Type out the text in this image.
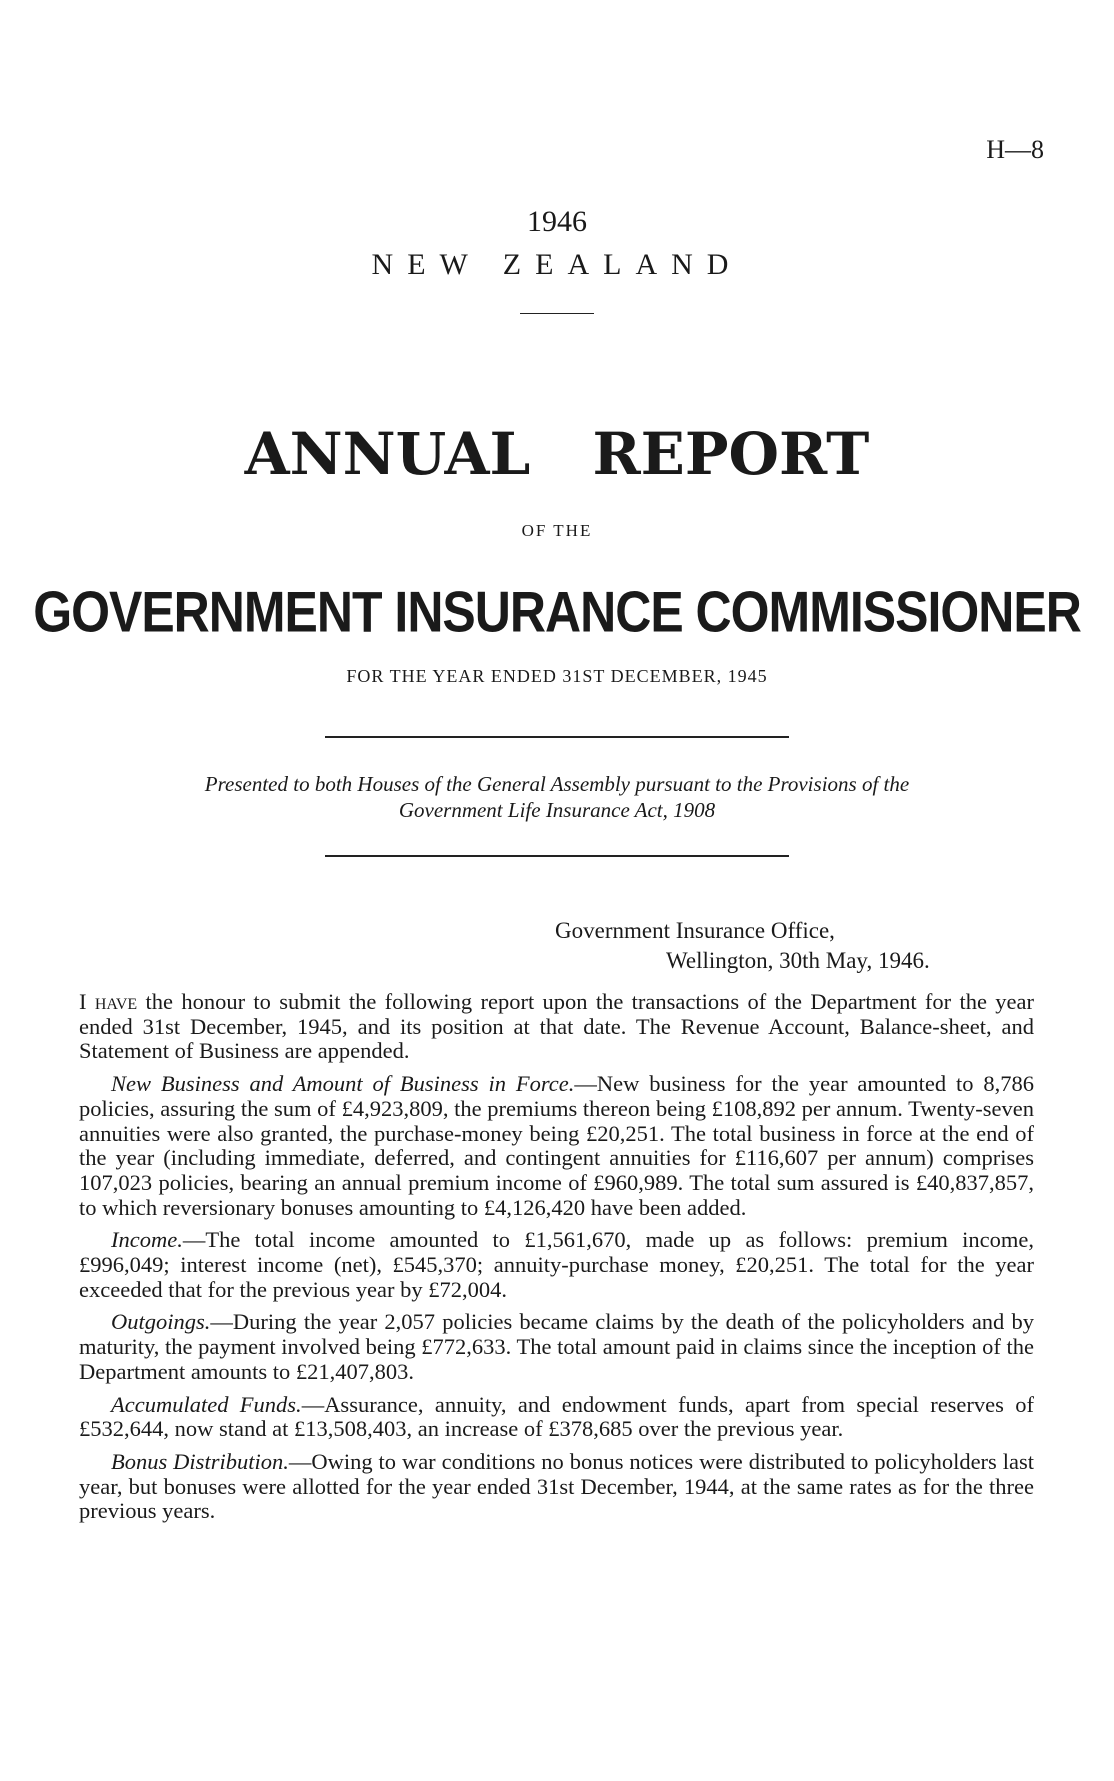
H—8
1946
NEW ZEALAND
ANNUAL REPORT
OF THE
GOVERNMENT INSURANCE COMMISSIONER
FOR THE YEAR ENDED 31ST DECEMBER, 1945
Presented to both Houses of the General Assembly pursuant to the Provisions of the
Government Life Insurance Act, 1908
Government Insurance Office,
Wellington, 30th May, 1946.

I have the honour to submit the following report upon the transactions of the Department for the year ended 31st December, 1945, and its position at that date. The Revenue Account, Balance-sheet, and Statement of Business are appended.

New Business and Amount of Business in Force.—New business for the year amounted to 8,786 policies, assuring the sum of £4,923,809, the premiums thereon being £108,892 per annum. Twenty-seven annuities were also granted, the purchase-money being £20,251. The total business in force at the end of the year (including immediate, deferred, and contingent annuities for £116,607 per annum) comprises 107,023 policies, bearing an annual premium income of £960,989. The total sum assured is £40,837,857, to which reversionary bonuses amounting to £4,126,420 have been added.

Income.—The total income amounted to £1,561,670, made up as follows: premium income, £996,049; interest income (net), £545,370; annuity-purchase money, £20,251. The total for the year exceeded that for the previous year by £72,004.

Outgoings.—During the year 2,057 policies became claims by the death of the policyholders and by maturity, the payment involved being £772,633. The total amount paid in claims since the inception of the Department amounts to £21,407,803.

Accumulated Funds.—Assurance, annuity, and endowment funds, apart from special reserves of £532,644, now stand at £13,508,403, an increase of £378,685 over the previous year.

Bonus Distribution.—Owing to war conditions no bonus notices were distributed to policyholders last year, but bonuses were allotted for the year ended 31st December, 1944, at the same rates as for the three previous years.
